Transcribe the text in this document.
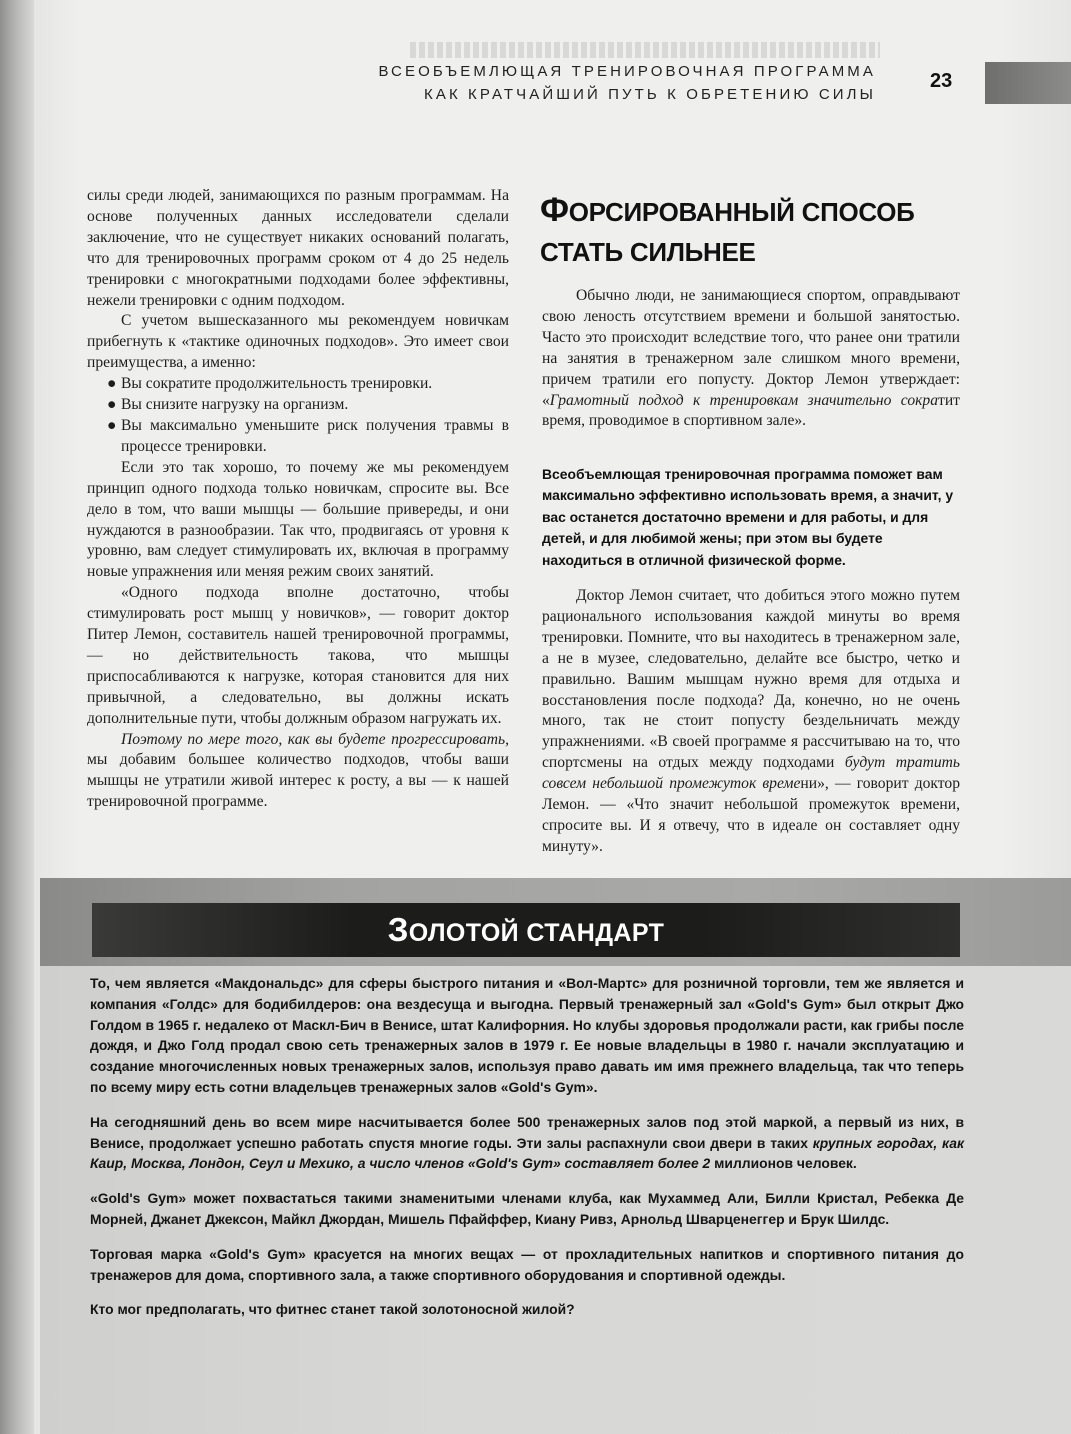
ВСЕОБЪЕМЛЮЩАЯ ТРЕНИРОВОЧНАЯ ПРОГРАММА
КАК КРАТЧАЙШИЙ ПУТЬ К ОБРЕТЕНИЮ СИЛЫ
23

силы среди людей, занимающихся по разным программам. На основе полученных данных исследователи сделали заключение, что не существует никаких оснований полагать, что для тренировочных программ сроком от 4 до 25 недель тренировки с многократными подходами более эффективны, нежели тренировки с одним подходом.

С учетом вышесказанного мы рекомендуем новичкам прибегнуть к «тактике одиночных подходов». Это имеет свои преимущества, а именно:

● Вы сократите продолжительность тренировки.

● Вы снизите нагрузку на организм.

● Вы максимально уменьшите риск получения травмы в процессе тренировки.

Если это так хорошо, то почему же мы рекомендуем принцип одного подхода только новичкам, спросите вы. Все дело в том, что ваши мышцы — большие привереды, и они нуждаются в разнообразии. Так что, продвигаясь от уровня к уровню, вам следует стимулировать их, включая в программу новые упражнения или меняя режим своих занятий.

«Одного подхода вполне достаточно, чтобы стимулировать рост мышц у новичков», — говорит доктор Питер Лемон, составитель нашей тренировочной программы, — но действительность такова, что мышцы приспосабливаются к нагрузке, которая становится для них привычной, а следовательно, вы должны искать дополнительные пути, чтобы должным образом нагружать их.

Поэтому по мере того, как вы будете прогрессировать, мы добавим большее количество подходов, чтобы ваши мышцы не утратили живой интерес к росту, а вы — к нашей тренировочной программе.

ФОРСИРОВАННЫЙ СПОСОБ
СТАТЬ СИЛЬНЕЕ

Обычно люди, не занимающиеся спортом, оправдывают свою леность отсутствием времени и большой занятостью. Часто это происходит вследствие того, что ранее они тратили на занятия в тренажерном зале слишком много времени, причем тратили его попусту. Доктор Лемон утверждает: «Грамотный подход к тренировкам значительно сократит время, проводимое в спортивном зале».

Всеобъемлющая тренировочная программа поможет вам максимально эффективно использовать время, а значит, у вас останется достаточно времени и для работы, и для детей, и для любимой жены; при этом вы будете находиться в отличной физической форме.

Доктор Лемон считает, что добиться этого можно путем рационального использования каждой минуты во время тренировки. Помните, что вы находитесь в тренажерном зале, а не в музее, следовательно, делайте все быстро, четко и правильно. Вашим мышцам нужно время для отдыха и восстановления после подхода? Да, конечно, но не очень много, так не стоит попусту бездельничать между упражнениями. «В своей программе я рассчитываю на то, что спортсмены на отдых между подходами будут тратить совсем небольшой промежуток времени», — говорит доктор Лемон. — «Что значит небольшой промежуток времени, спросите вы. И я отвечу, что в идеале он составляет одну минуту».

ЗОЛОТОЙ СТАНДАРТ

То, чем является «Макдональдс» для сферы быстрого питания и «Вол-Мартс» для розничной торговли, тем же является и компания «Голдс» для бодибилдеров: она вездесуща и выгодна. Первый тренажерный зал «Gold's Gym» был открыт Джо Голдом в 1965 г. недалеко от Маскл-Бич в Венисе, штат Калифорния. Но клубы здоровья продолжали расти, как грибы после дождя, и Джо Голд продал свою сеть тренажерных залов в 1979 г. Ее новые владельцы в 1980 г. начали эксплуатацию и создание многочисленных новых тренажерных залов, используя право давать им имя прежнего владельца, так что теперь по всему миру есть сотни владельцев тренажерных залов «Gold's Gym».

На сегодняшний день во всем мире насчитывается более 500 тренажерных залов под этой маркой, а первый из них, в Венисе, продолжает успешно работать спустя многие годы. Эти залы распахнули свои двери в таких крупных городах, как Каир, Москва, Лондон, Сеул и Мехико, а число членов «Gold's Gym» составляет более 2 миллионов человек.

«Gold's Gym» может похвастаться такими знаменитыми членами клуба, как Мухаммед Али, Билли Кристал, Ребекка Де Морней, Джанет Джексон, Майкл Джордан, Мишель Пфайффер, Киану Ривз, Арнольд Шварценеггер и Брук Шилдс.

Торговая марка «Gold's Gym» красуется на многих вещах — от прохладительных напитков и спортивного питания до тренажеров для дома, спортивного зала, а также спортивного оборудования и спортивной одежды.

Кто мог предполагать, что фитнес станет такой золотоносной жилой?
